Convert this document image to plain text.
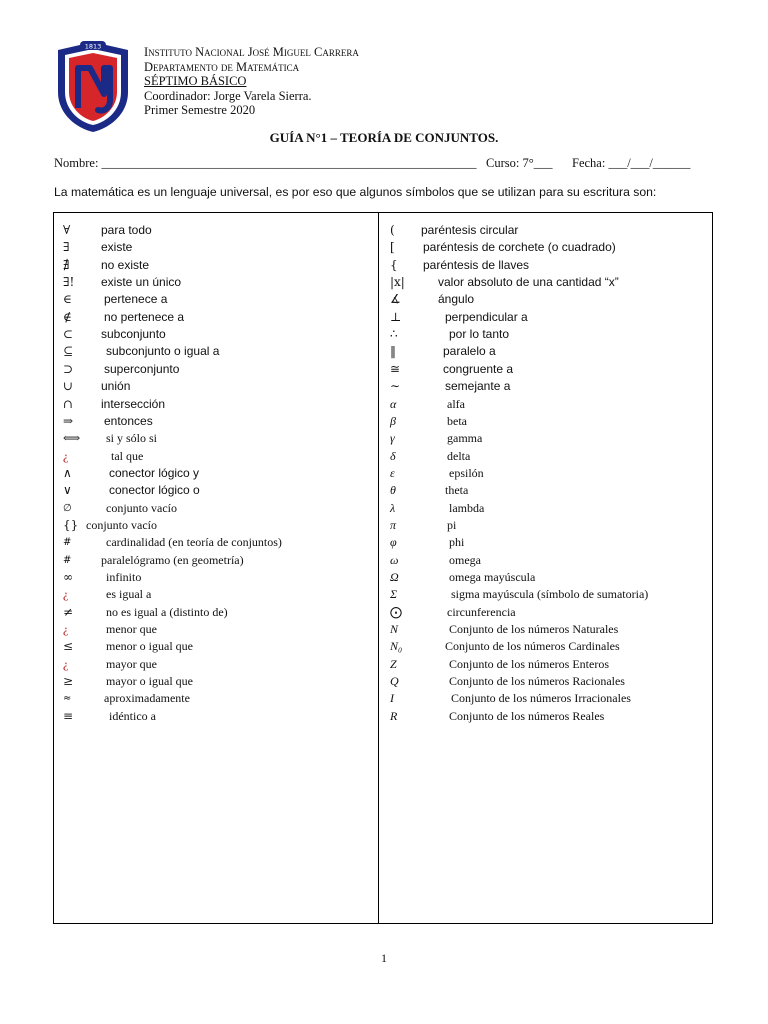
1813	Instituto Nacional José Miguel Carrera
Departamento de Matemática
SÉPTIMO BÁSICO
Coordinador: Jorge Varela Sierra.
Primer Semestre 2020
GUÍA N°1 – TEORÍA DE CONJUNTOS.
Nombre: ____________________________________________________________ Curso: 7°___ Fecha: ___/___/______
La matemática es un lenguaje universal, es por eso que algunos símbolos que se utilizan para su escritura son:
∀	para todo
∃	existe
∄	no existe
∃! existe un único
∈	pertenece a
∉	no pertenece a
⊂ subconjunto
⊆	subconjunto o igual a
⊃	superconjunto
∪ unión
∩ intersección
⇒	entonces
⟺ si y sólo si
¿	tal que
∧	conector lógico y
∨	conector lógico o
∅	conjunto vacío
{} conjunto vacío
#	cardinalidad (en teoría de conjuntos)
# paralelógramo (en geometría)
∞	infinito
¿	es igual a
≠	no es igual a (distinto de)
¿	menor que
≤	menor o igual que
¿	mayor que
≥	mayor o igual que
≈	aproximadamente
≡	idéntico a
( paréntesis circular
[ paréntesis de corchete (o cuadrado)
{ paréntesis de llaves
|x|	valor absoluto de una cantidad “x”
∡	ángulo
⊥	perpendicular a
∴	por lo tanto
‖	paralelo a
≅	congruente a
∼	semejante a
α	alfa
β	beta
γ	gamma
δ	delta
ε	epsilón
θ	theta
λ	lambda
π	pi
φ	phi
ω	omega
Ω	omega mayúscula
Σ	sigma mayúscula (símbolo de sumatoria)
⨀	circunferencia
N	Conjunto de los números Naturales
N₀	Conjunto de los números Cardinales
Z	Conjunto de los números Enteros
Q	Conjunto de los números Racionales
I	Conjunto de los números Irracionales
R	Conjunto de los números Reales
1
